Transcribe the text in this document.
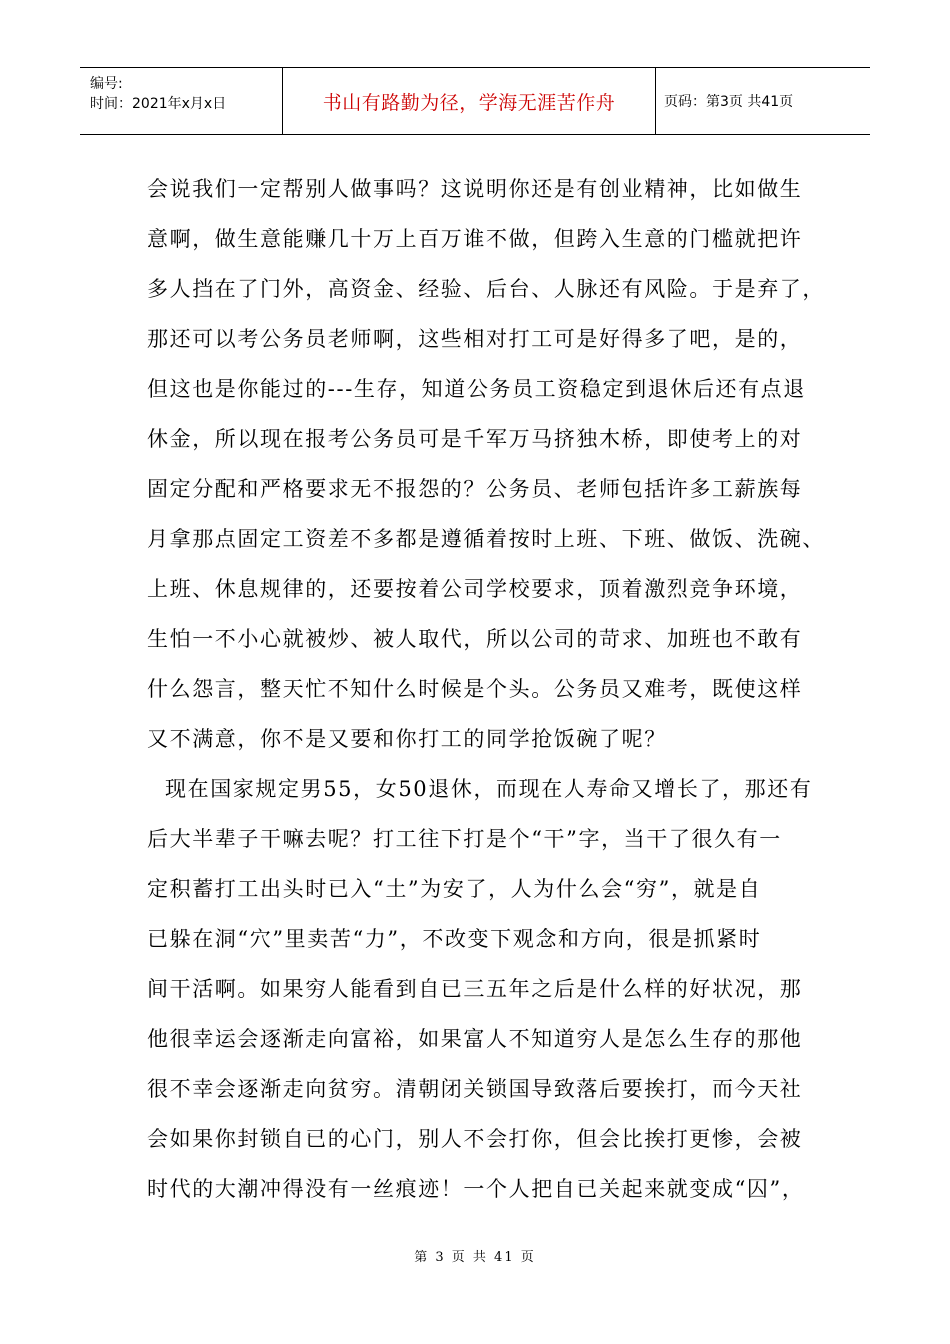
编号:
时间：2021年x月x日	书山有路勤为径，学海无涯苦作舟	页码：第3页 共41页
会说我们一定帮别人做事吗？这说明你还是有创业精神，比如做生
意啊，做生意能赚几十万上百万谁不做，但跨入生意的门槛就把许
多人挡在了门外，高资金、经验、后台、人脉还有风险。于是弃了，
那还可以考公务员老师啊，这些相对打工可是好得多了吧，是的，
但这也是你能过的---生存，知道公务员工资稳定到退休后还有点退
休金，所以现在报考公务员可是千军万马挤独木桥，即使考上的对
固定分配和严格要求无不报怨的？公务员、老师包括许多工薪族每
月拿那点固定工资差不多都是遵循着按时上班、下班、做饭、洗碗、
上班、休息规律的，还要按着公司学校要求，顶着激烈竞争环境，
生怕一不小心就被炒、被人取代，所以公司的苛求、加班也不敢有
什么怨言，整天忙不知什么时候是个头。公务员又难考，既使这样
又不满意，你不是又要和你打工的同学抢饭碗了呢？
现在国家规定男55，女50退休，而现在人寿命又增长了，那还有
后大半辈子干嘛去呢？打工往下打是个“干”字，当干了很久有一
定积蓄打工出头时已入“土”为安了，人为什么会“穷”，就是自
已躲在洞“穴”里卖苦“力”，不改变下观念和方向，很是抓紧时
间干活啊。如果穷人能看到自已三五年之后是什么样的好状况，那
他很幸运会逐渐走向富裕，如果富人不知道穷人是怎么生存的那他
很不幸会逐渐走向贫穷。清朝闭关锁国导致落后要挨打，而今天社
会如果你封锁自已的心门，别人不会打你，但会比挨打更惨，会被
时代的大潮冲得没有一丝痕迹！一个人把自已关起来就变成“囚”，
第 3 页 共 41 页
